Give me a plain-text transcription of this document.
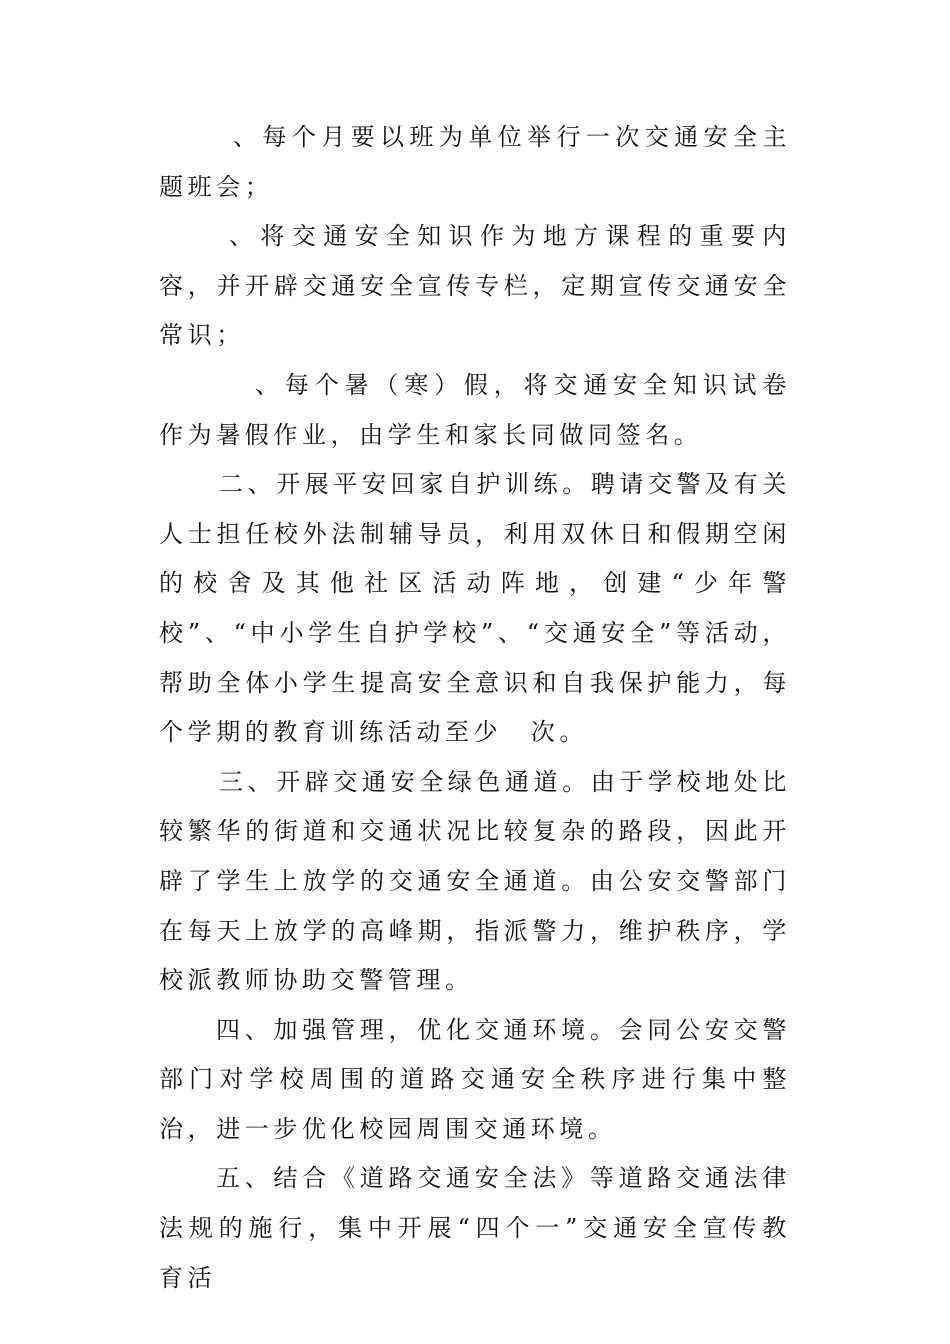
、每个月要以班为单位举行一次交通安全主题班会；

、将交通安全知识作为地方课程的重要内容，并开辟交通安全宣传专栏，定期宣传交通安全常识；

、每个暑（寒）假，将交通安全知识试卷作为暑假作业，由学生和家长同做同签名。

二、开展平安回家自护训练。聘请交警及有关人士担任校外法制辅导员，利用双休日和假期空闲的校舍及其他社区活动阵地，创建“少年警校”、“中小学生自护学校”、“交通安全”等活动，帮助全体小学生提高安全意识和自我保护能力，每个学期的教育训练活动至少　次。

三、开辟交通安全绿色通道。由于学校地处比较繁华的街道和交通状况比较复杂的路段，因此开辟了学生上放学的交通安全通道。由公安交警部门在每天上放学的高峰期，指派警力，维护秩序，学校派教师协助交警管理。

四、加强管理，优化交通环境。会同公安交警部门对学校周围的道路交通安全秩序进行集中整治，进一步优化校园周围交通环境。

五、结合《道路交通安全法》等道路交通法律法规的施行，集中开展“四个一”交通安全宣传教育活
